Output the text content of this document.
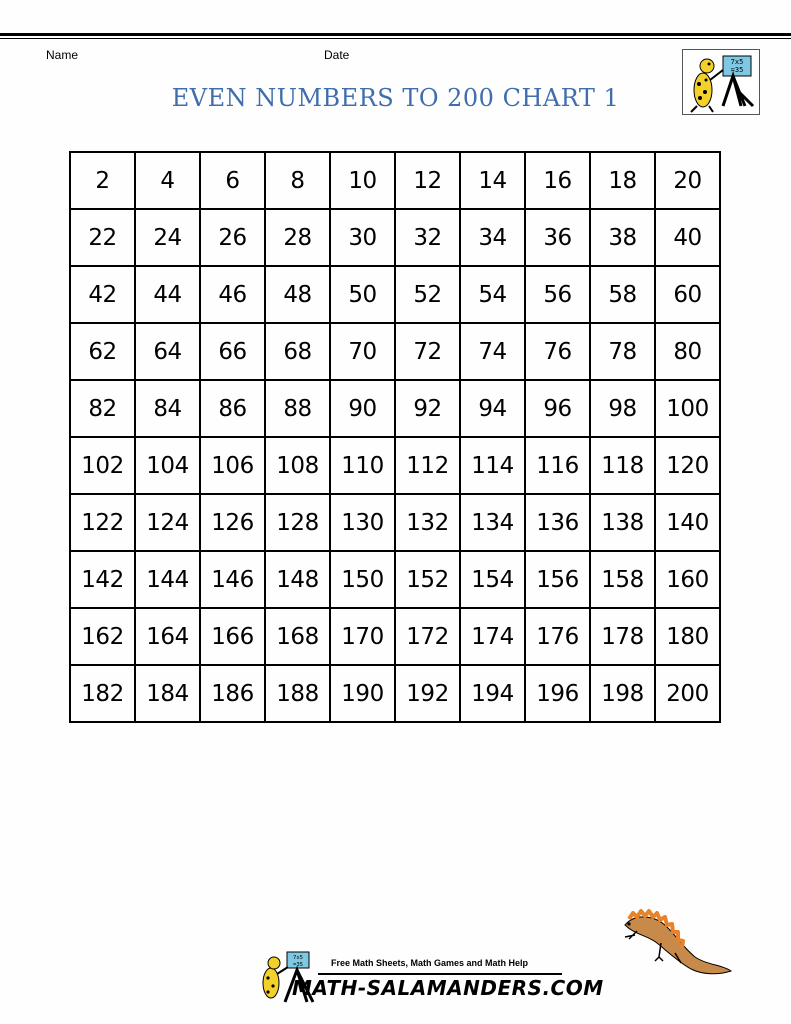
Name	Date
EVEN NUMBERS TO 200 CHART 1
7x5
=35
2	4	6	8	10	12	14	16	18	20
22	24	26	28	30	32	34	36	38	40
42	44	46	48	50	52	54	56	58	60
62	64	66	68	70	72	74	76	78	80
82	84	86	88	90	92	94	96	98	100
102	104	106	108	110	112	114	116	118	120
122	124	126	128	130	132	134	136	138	140
142	144	146	148	150	152	154	156	158	160
162	164	166	168	170	172	174	176	178	180
182	184	186	188	190	192	194	196	198	200
7x5
=35	Free Math Sheets, Math Games and Math Help
MATH-SALAMANDERS.COM
